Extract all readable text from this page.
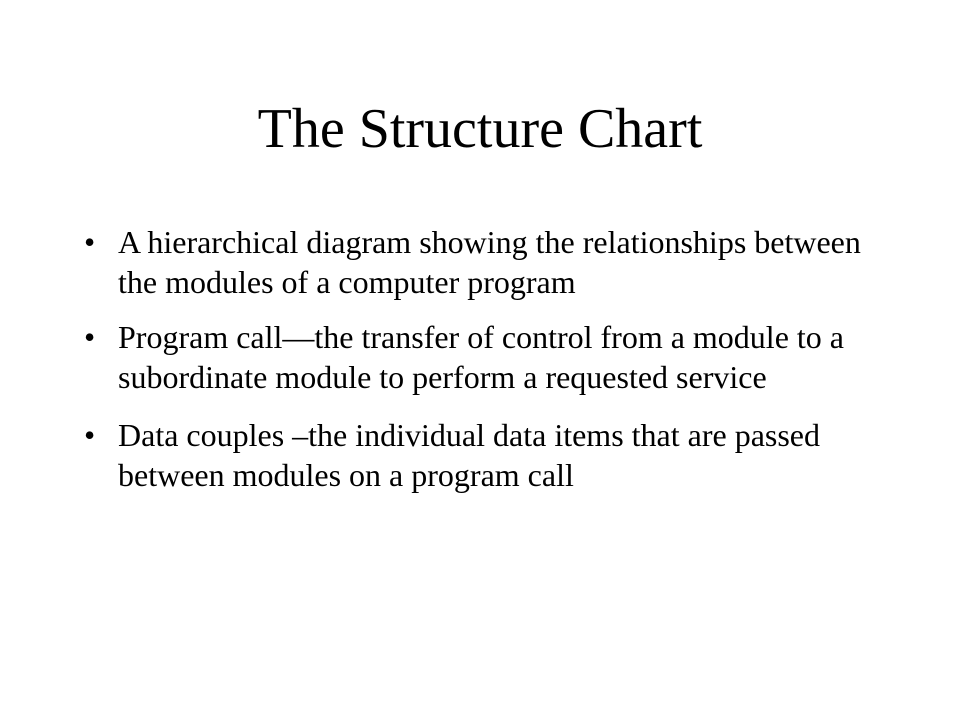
The Structure Chart
• A hierarchical diagram showing the relationships between the modules of a computer program
• Program call—the transfer of control from a module to a subordinate module to perform a requested service
• Data couples –the individual data items that are passed between modules on a program call
